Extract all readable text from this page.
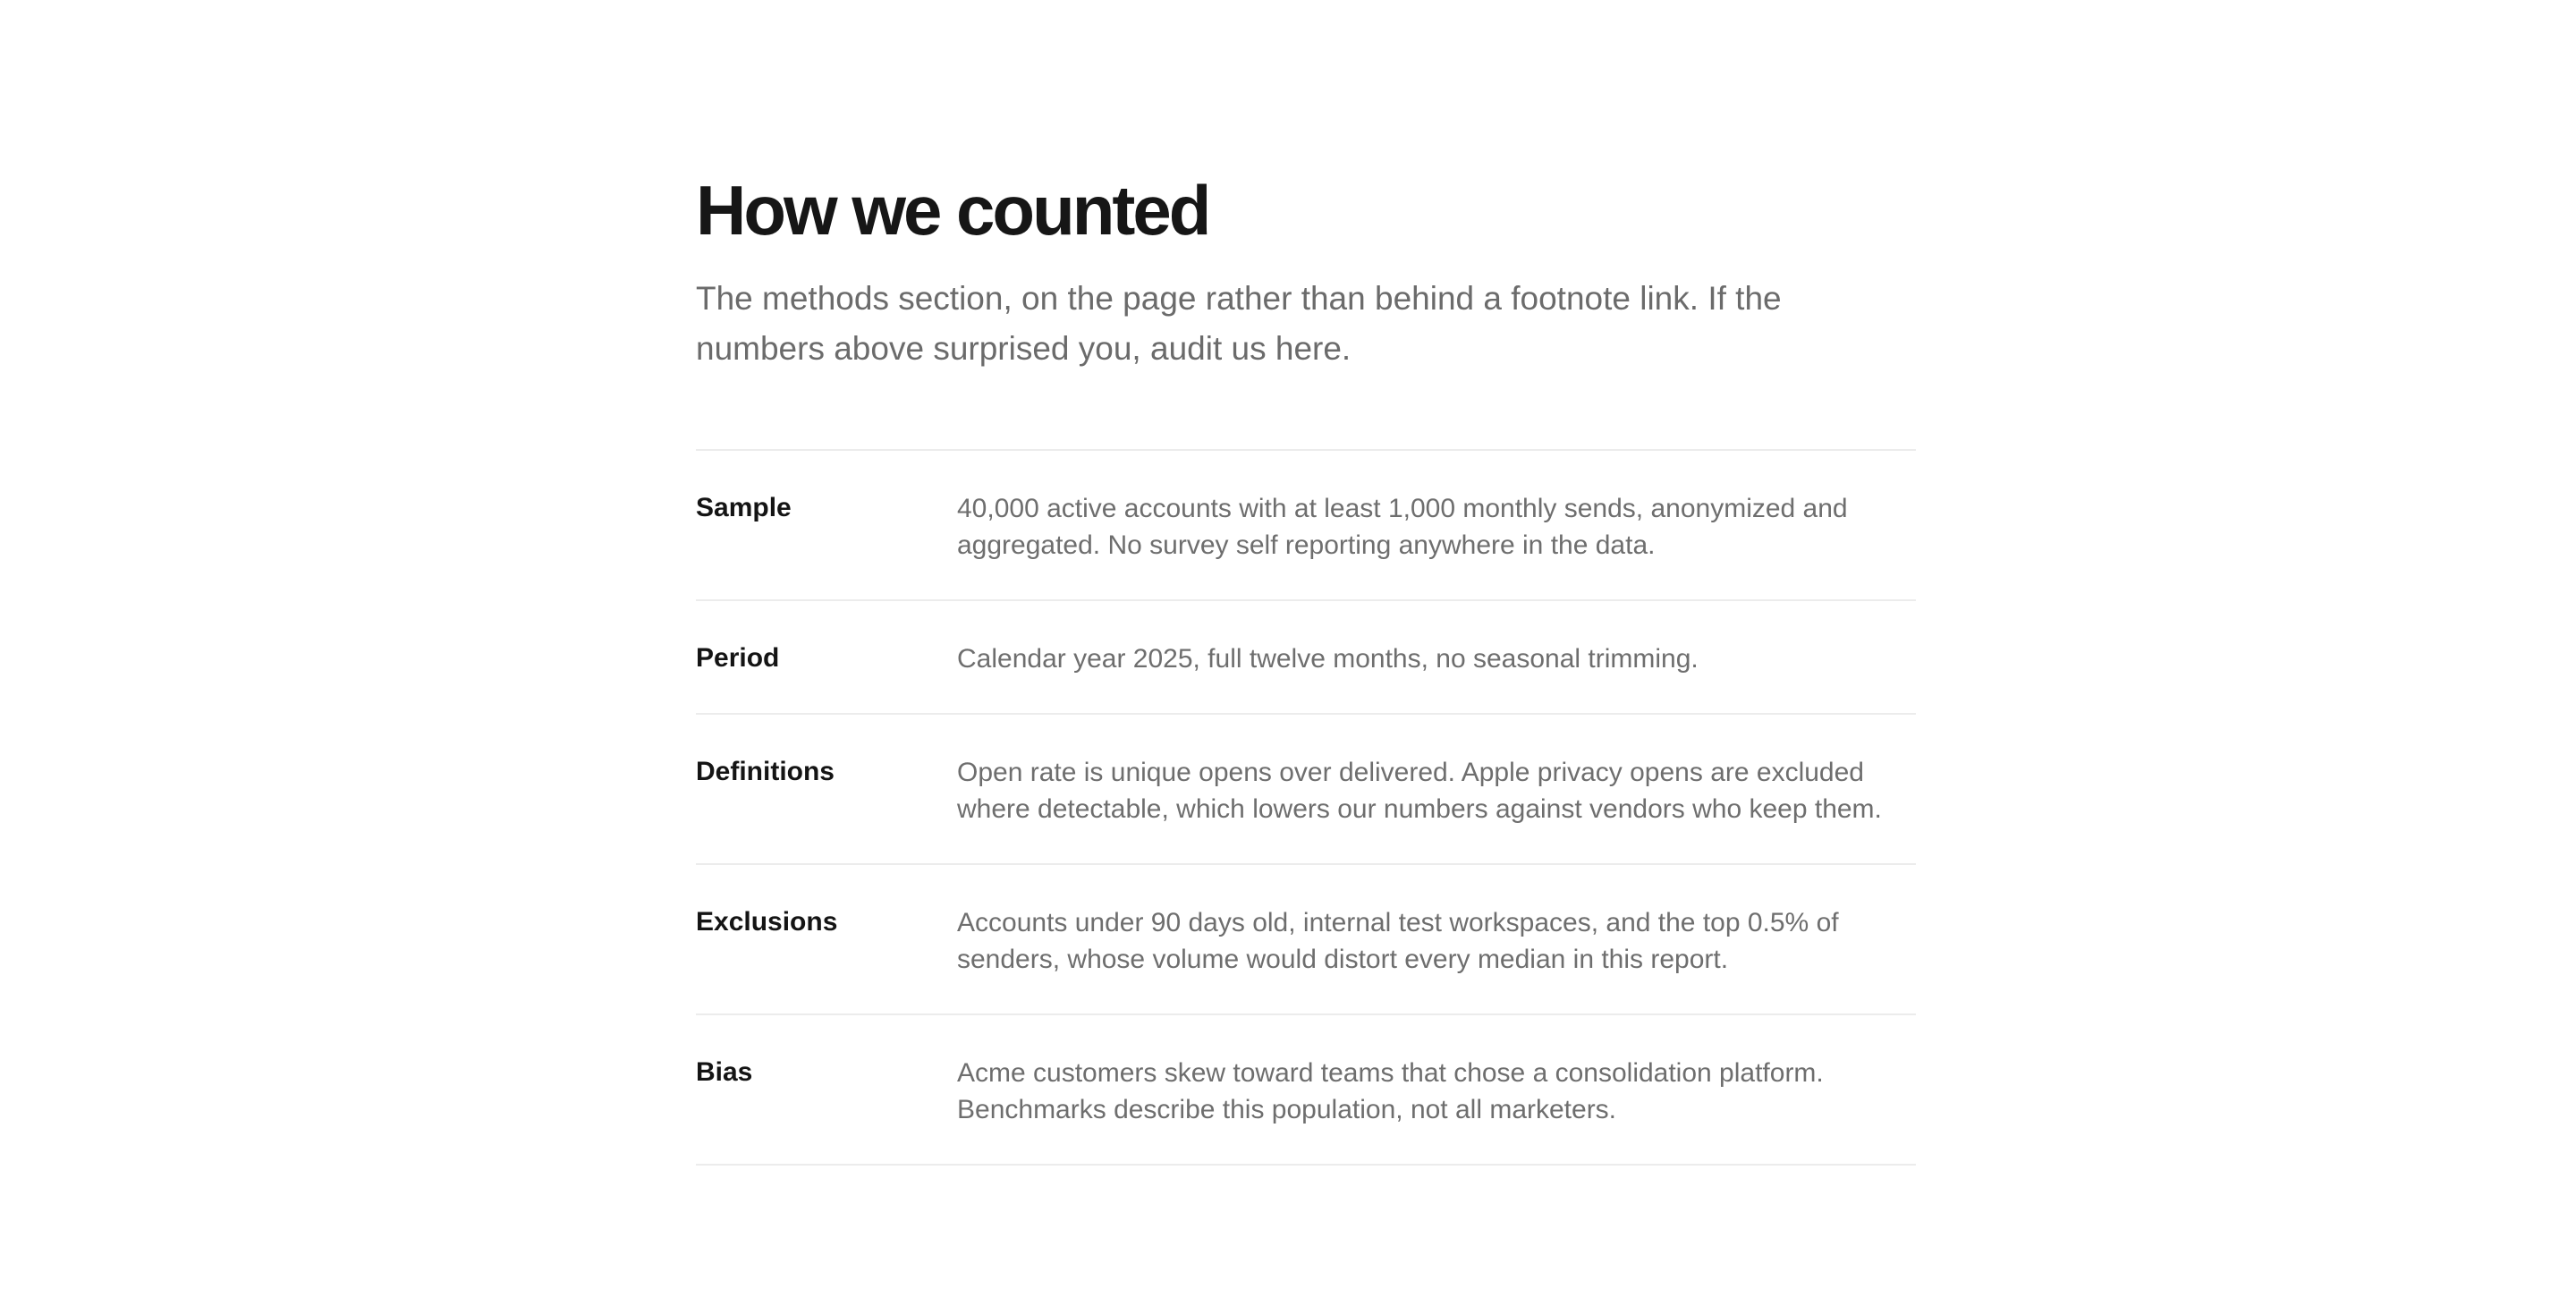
How we counted

The methods section, on the page rather than behind a footnote link. If the numbers above surprised you, audit us here.

Sample	40,000 active accounts with at least 1,000 monthly sends, anonymized and aggregated. No survey self reporting anywhere in the data.
Period	Calendar year 2025, full twelve months, no seasonal trimming.
Definitions	Open rate is unique opens over delivered. Apple privacy opens are excluded where detectable, which lowers our numbers against vendors who keep them.
Exclusions	Accounts under 90 days old, internal test workspaces, and the top 0.5% of senders, whose volume would distort every median in this report.
Bias	Acme customers skew toward teams that chose a consolidation platform. Benchmarks describe this population, not all marketers.
